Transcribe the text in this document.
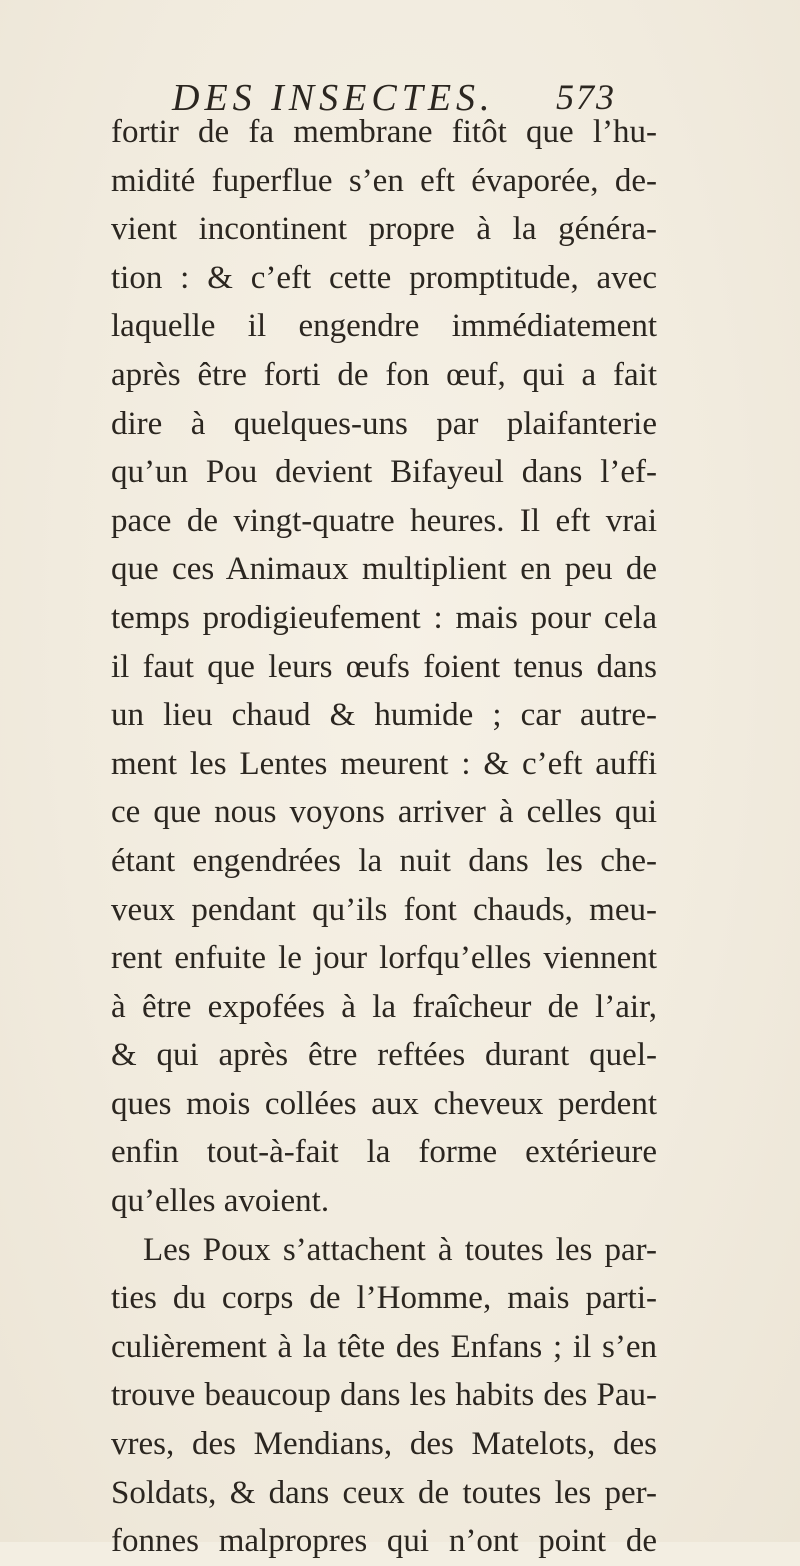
DES INSECTES. 573
fortir de fa membrane fitôt que l’hu-
midité fuperflue s’en eft évaporée, de-
vient incontinent propre à la généra-
tion : & c’eft cette promptitude, avec
laquelle il engendre immédiatement
après être forti de fon œuf, qui a fait
dire à quelques-uns par plaifanterie
qu’un Pou devient Bifayeul dans l’ef-
pace de vingt-quatre heures. Il eft vrai
que ces Animaux multiplient en peu de
temps prodigieufement : mais pour cela
il faut que leurs œufs foient tenus dans
un lieu chaud & humide ; car autre-
ment les Lentes meurent : & c’eft auffi
ce que nous voyons arriver à celles qui
étant engendrées la nuit dans les che-
veux pendant qu’ils font chauds, meu-
rent enfuite le jour lorfqu’elles viennent
à être expofées à la fraîcheur de l’air,
& qui après être reftées durant quel-
ques mois collées aux cheveux perdent
enfin tout-à-fait la forme extérieure
qu’elles avoient.
Les Poux s’attachent à toutes les par-
ties du corps de l’Homme, mais parti-
culièrement à la tête des Enfans ; il s’en
trouve beaucoup dans les habits des Pau-
vres, des Mendians, des Matelots, des
Soldats, & dans ceux de toutes les per-
fonnes malpropres qui n’ont point de
